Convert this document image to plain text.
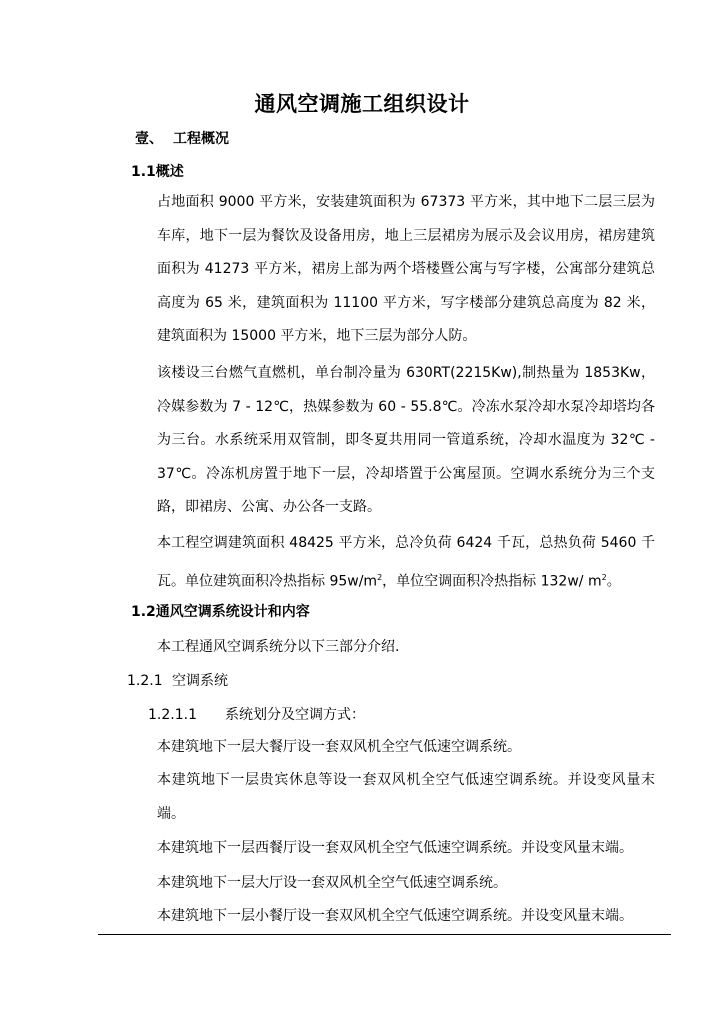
通风空调施工组织设计
壹、 工程概况
1.1概述
占地面积 9000 平方米，安装建筑面积为 67373 平方米，其中地下二层三层为车库，地下一层为餐饮及设备用房，地上三层裙房为展示及会议用房，裙房建筑面积为 41273 平方米，裙房上部为两个塔楼暨公寓与写字楼，公寓部分建筑总高度为 65 米，建筑面积为 11100 平方米，写字楼部分建筑总高度为 82 米，建筑面积为 15000 平方米，地下三层为部分人防。
该楼设三台燃气直燃机，单台制冷量为 630RT(2215Kw),制热量为 1853Kw，冷媒参数为 7 - 12℃，热媒参数为 60 - 55.8℃。冷冻水泵冷却水泵冷却塔均各为三台。水系统采用双管制，即冬夏共用同一管道系统，冷却水温度为 32℃ - 37℃。冷冻机房置于地下一层，冷却塔置于公寓屋顶。空调水系统分为三个支路，即裙房、公寓、办公各一支路。
本工程空调建筑面积 48425 平方米，总冷负荷 6424 千瓦，总热负荷 5460 千瓦。单位建筑面积冷热指标 $95w/m^2$，单位空调面积冷热指标 132w/ $m^2$。
1.2通风空调系统设计和内容
本工程通风空调系统分以下三部分介绍.
1.2.1 空调系统
1.2.1.1 系统划分及空调方式：
本建筑地下一层大餐厅设一套双风机全空气低速空调系统。
本建筑地下一层贵宾休息等设一套双风机全空气低速空调系统。并设变风量末端。
本建筑地下一层西餐厅设一套双风机全空气低速空调系统。并设变风量末端。
本建筑地下一层大厅设一套双风机全空气低速空调系统。
本建筑地下一层小餐厅设一套双风机全空气低速空调系统。并设变风量末端。
